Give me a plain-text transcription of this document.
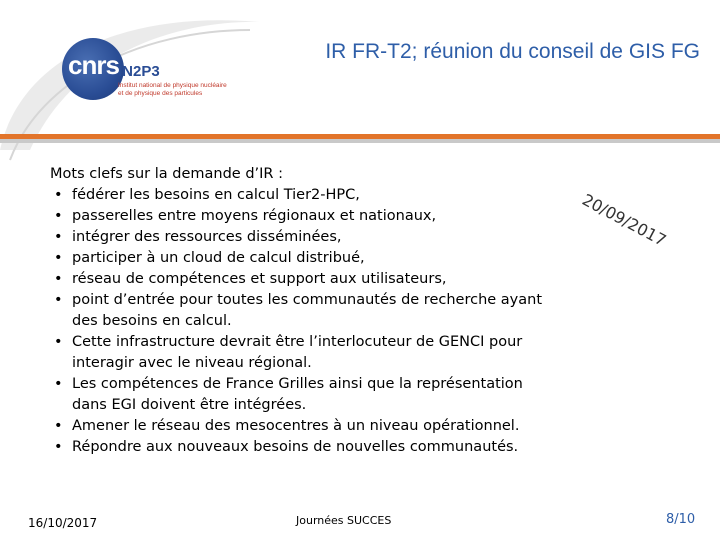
cnrs IN2P3
Institut national de physique nucléaire
et de physique des particules
IR FR-T2; réunion du conseil de GIS FG

Mots clefs sur la demande d’IR :

• fédérer les besoins en calcul Tier2-HPC,
• passerelles entre moyens régionaux et nationaux,
• intégrer des ressources disséminées,
• participer à un cloud de calcul distribué,
• réseau de compétences et support aux utilisateurs,
• point d’entrée pour toutes les communautés de recherche ayant des besoins en calcul.
• Cette infrastructure devrait être l’interlocuteur de GENCI pour interagir avec le niveau régional.
• Les compétences de France Grilles ainsi que la représentation dans EGI doivent être intégrées.
• Amener le réseau des mesocentres à un niveau opérationnel.
• Répondre aux nouveaux besoins de nouvelles communautés.
20/09/2017
16/10/2017	Journées SUCCES	8/10
